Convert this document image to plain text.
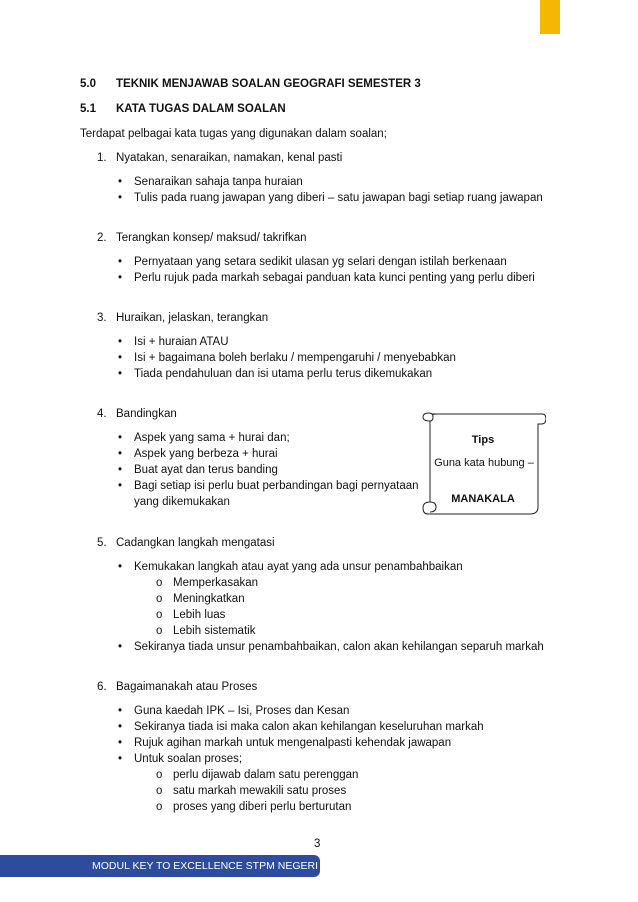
5.0 TEKNIK MENJAWAB SOALAN GEOGRAFI SEMESTER 3
5.1 KATA TUGAS DALAM SOALAN
Terdapat pelbagai kata tugas yang digunakan dalam soalan;
1. Nyatakan, senaraikan, namakan, kenal pasti
• Senaraikan sahaja tanpa huraian
• Tulis pada ruang jawapan yang diberi – satu jawapan bagi setiap ruang jawapan
2. Terangkan konsep/ maksud/ takrifkan
• Pernyataan yang setara sedikit ulasan yg selari dengan istilah berkenaan
• Perlu rujuk pada markah sebagai panduan kata kunci penting yang perlu diberi
3. Huraikan, jelaskan, terangkan
• Isi + huraian ATAU
• Isi + bagaimana boleh berlaku / mempengaruhi / menyebabkan
• Tiada pendahuluan dan isi utama perlu terus dikemukakan
4. Bandingkan
• Aspek yang sama + hurai dan;
• Aspek yang berbeza + hurai
• Buat ayat dan terus banding
• Bagi setiap isi perlu buat perbandingan bagi pernyataan
yang dikemukakan
Tips
Guna kata hubung –
MANAKALA
5. Cadangkan langkah mengatasi
• Kemukakan langkah atau ayat yang ada unsur penambahbaikan
o Memperkasakan
o Meningkatkan
o Lebih luas
o Lebih sistematik
• Sekiranya tiada unsur penambahbaikan, calon akan kehilangan separuh markah
6. Bagaimanakah atau Proses
• Guna kaedah IPK – Isi, Proses dan Kesan
• Sekiranya tiada isi maka calon akan kehilangan keseluruhan markah
• Rujuk agihan markah untuk mengenalpasti kehendak jawapan
• Untuk soalan proses;
o perlu dijawab dalam satu perenggan
o satu markah mewakili satu proses
o proses yang diberi perlu berturutan
3
MODUL KEY TO EXCELLENCE STPM NEGERI PERAK
